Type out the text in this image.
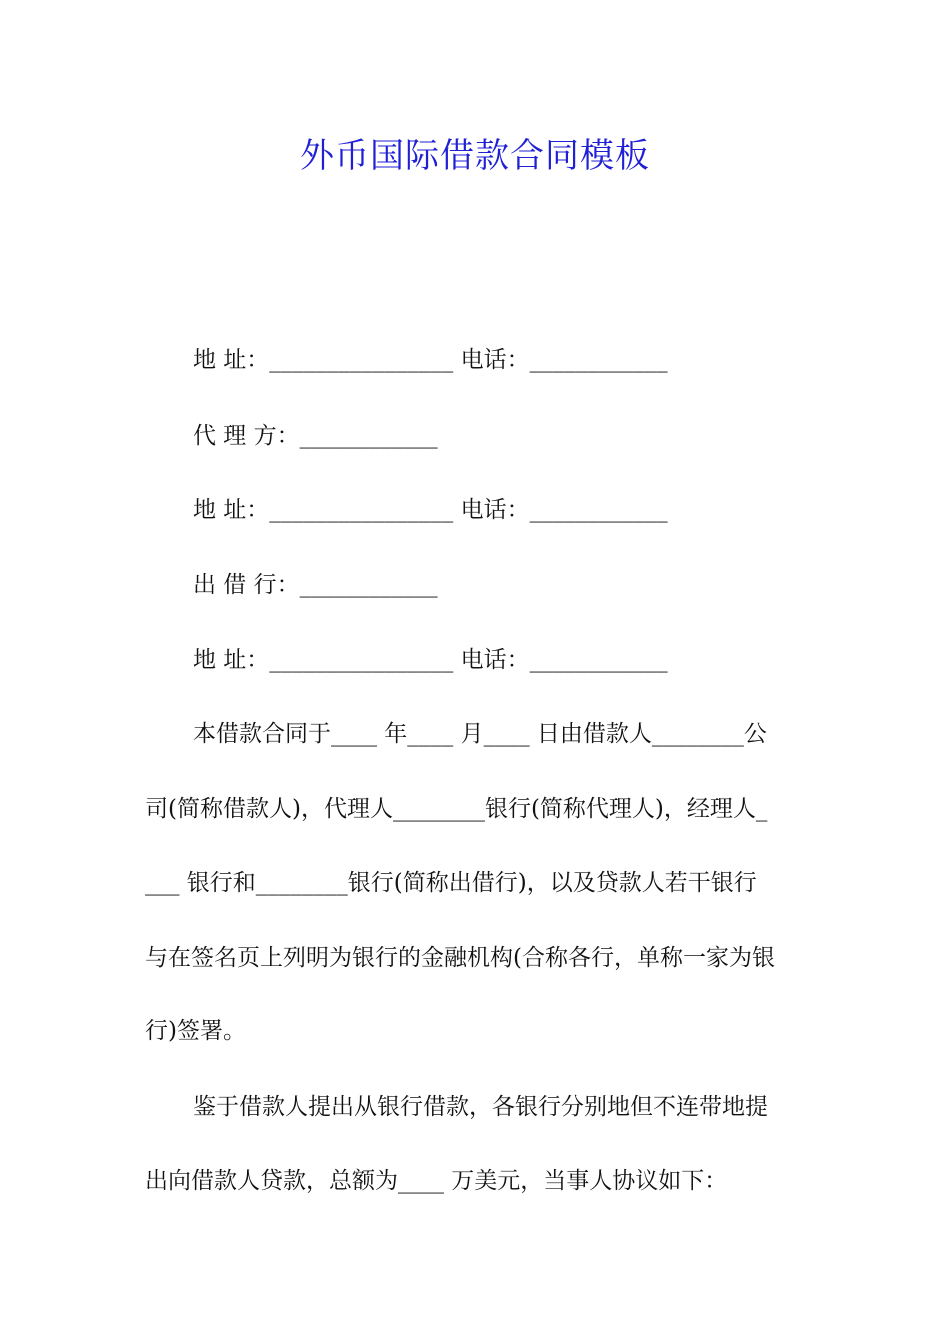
外币国际借款合同模板
地 址：________________ 电话：____________
代 理 方：____________
地 址：________________ 电话：____________
出 借 行：____________
地 址：________________ 电话：____________
本借款合同于____ 年____ 月____ 日由借款人________公
司(简称借款人)，代理人________银行(简称代理人)，经理人_
___ 银行和________银行(简称出借行)，以及贷款人若干银行
与在签名页上列明为银行的金融机构(合称各行，单称一家为银
行)签署。
鉴于借款人提出从银行借款，各银行分别地但不连带地提
出向借款人贷款，总额为____ 万美元，当事人协议如下：
